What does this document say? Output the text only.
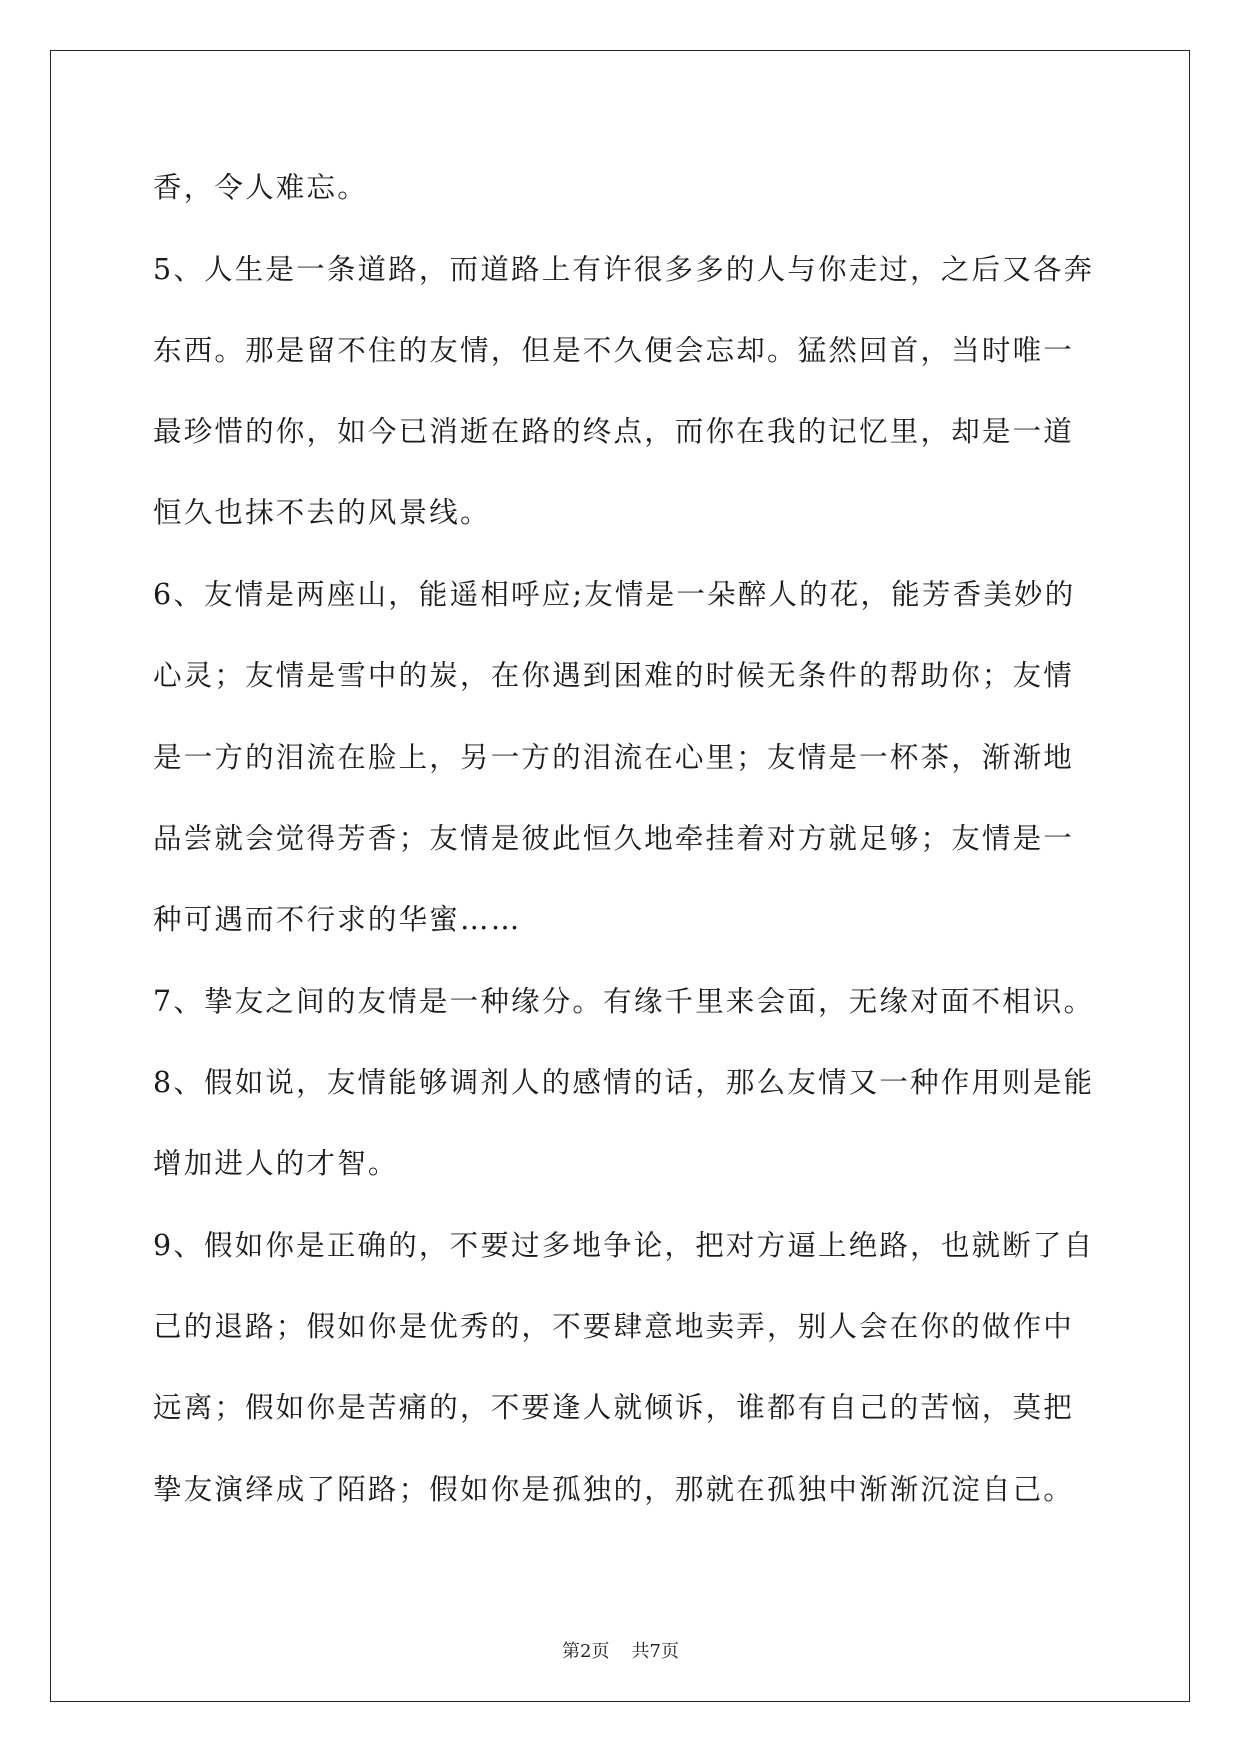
香，令人难忘。
5、人生是一条道路，而道路上有许很多多的人与你走过，之后又各奔
东西。那是留不住的友情，但是不久便会忘却。猛然回首，当时唯一
最珍惜的你，如今已消逝在路的终点，而你在我的记忆里，却是一道
恒久也抹不去的风景线。
6、友情是两座山，能遥相呼应;友情是一朵醉人的花，能芳香美妙的
心灵；友情是雪中的炭，在你遇到困难的时候无条件的帮助你；友情
是一方的泪流在脸上，另一方的泪流在心里；友情是一杯茶，渐渐地
品尝就会觉得芳香；友情是彼此恒久地牵挂着对方就足够；友情是一
种可遇而不行求的华蜜……
7、挚友之间的友情是一种缘分。有缘千里来会面，无缘对面不相识。
8、假如说，友情能够调剂人的感情的话，那么友情又一种作用则是能
增加进人的才智。
9、假如你是正确的，不要过多地争论，把对方逼上绝路，也就断了自
己的退路；假如你是优秀的，不要肆意地卖弄，别人会在你的做作中
远离；假如你是苦痛的，不要逢人就倾诉，谁都有自己的苦恼，莫把
挚友演绎成了陌路；假如你是孤独的，那就在孤独中渐渐沉淀自己。
第2页 共7页
